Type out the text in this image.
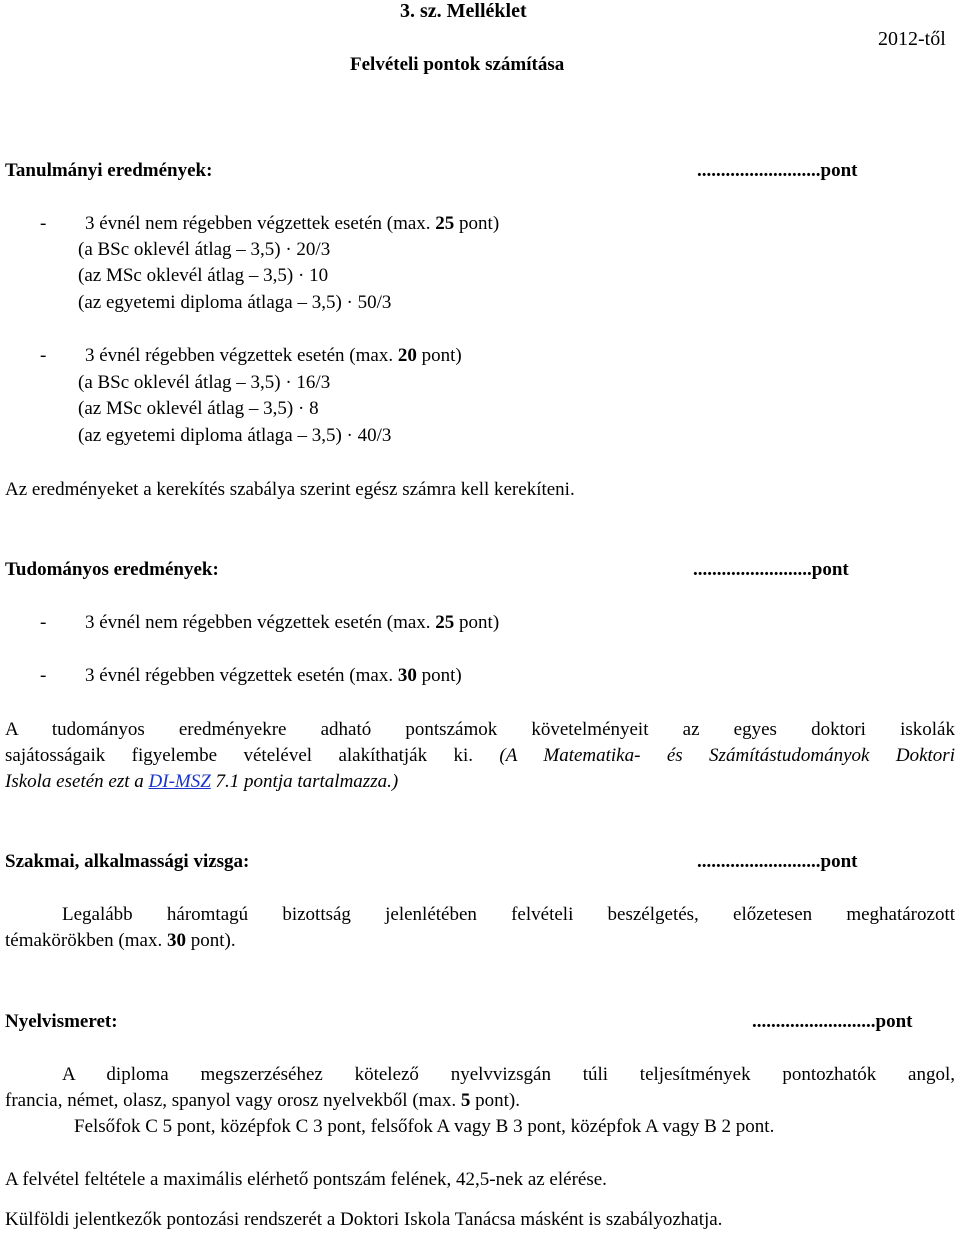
3. sz. Melléklet
Felvételi pontok számítása
2012-től
Tanulmányi eredmények:	..........................pont
- 3 évnél nem régebben végzettek esetén (max. 25 pont)
(a BSc oklevél átlag – 3,5) · 20/3
(az MSc oklevél átlag – 3,5) · 10
(az egyetemi diploma átlaga – 3,5) · 50/3
- 3 évnél régebben végzettek esetén (max. 20 pont)
(a BSc oklevél átlag – 3,5) · 16/3
(az MSc oklevél átlag – 3,5) · 8
(az egyetemi diploma átlaga – 3,5) · 40/3
Az eredményeket a kerekítés szabálya szerint egész számra kell kerekíteni.
Tudományos eredmények:	.........................pont
- 3 évnél nem régebben végzettek esetén (max. 25 pont)
- 3 évnél régebben végzettek esetén (max. 30 pont)
A tudományos eredményekre adható pontszámok követelményeit az egyes doktori iskolák
sajátosságaik figyelembe vételével alakíthatják ki. (A Matematika- és Számítástudományok Doktori
Iskola esetén ezt a DI-MSZ 7.1 pontja tartalmazza.)
Szakmai, alkalmassági vizsga:	..........................pont
Legalább háromtagú bizottság jelenlétében felvételi beszélgetés, előzetesen meghatározott
témakörökben (max. 30 pont).
Nyelvismeret:	..........................pont
A diploma megszerzéséhez kötelező nyelvvizsgán túli teljesítmények pontozhatók angol,
francia, német, olasz, spanyol vagy orosz nyelvekből (max. 5 pont).
Felsőfok C 5 pont, középfok C 3 pont, felsőfok A vagy B 3 pont, középfok A vagy B 2 pont.
A felvétel feltétele a maximális elérhető pontszám felének, 42,5-nek az elérése.
Külföldi jelentkezők pontozási rendszerét a Doktori Iskola Tanácsa másként is szabályozhatja.
